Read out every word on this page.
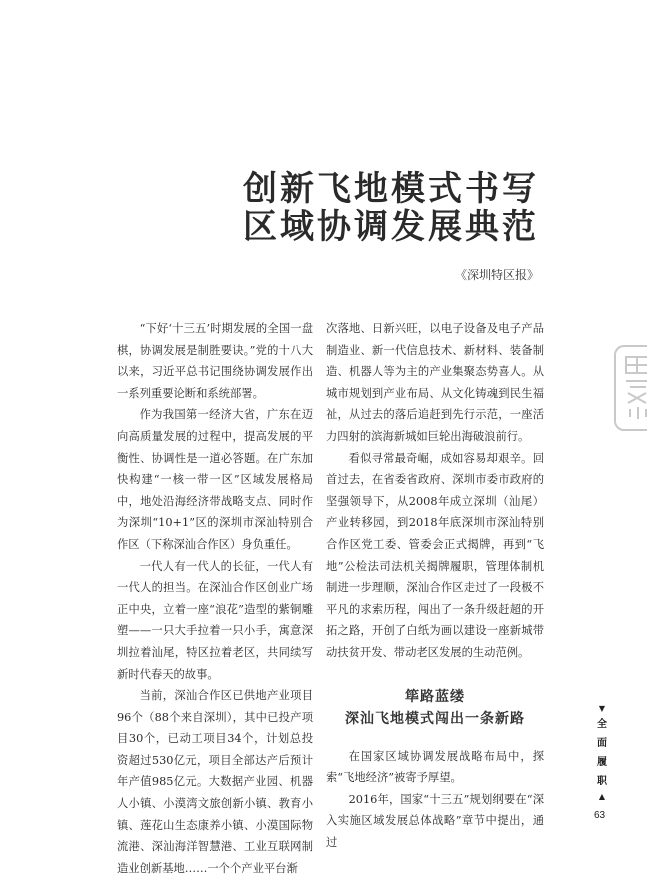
创新飞地模式书写
区域协调发展典范
《深圳特区报》

“下好‘十三五’时期发展的全国一盘棋，协调发展是制胜要诀。”党的十八大以来，习近平总书记围绕协调发展作出一系列重要论断和系统部署。

作为我国第一经济大省，广东在迈向高质量发展的过程中，提高发展的平衡性、协调性是一道必答题。在广东加快构建“一核一带一区”区域发展格局中，地处沿海经济带战略支点、同时作为深圳“10+1”区的深圳市深汕特别合作区（下称深汕合作区）身负重任。

一代人有一代人的长征，一代人有一代人的担当。在深汕合作区创业广场正中央，立着一座“浪花”造型的紫铜雕塑——一只大手拉着一只小手，寓意深圳拉着汕尾，特区拉着老区，共同续写新时代春天的故事。

当前，深汕合作区已供地产业项目96个（88个来自深圳），其中已投产项目30个，已动工项目34个，计划总投资超过530亿元，项目全部达产后预计年产值985亿元。大数据产业园、机器人小镇、小漠湾文旅创新小镇、教育小镇、莲花山生态康养小镇、小漠国际物流港、深汕海洋智慧港、工业互联网制造业创新基地……一个个产业平台渐

次落地、日新兴旺，以电子设备及电子产品制造业、新一代信息技术、新材料、装备制造、机器人等为主的产业集聚态势喜人。从城市规划到产业布局、从文化铸魂到民生福祉，从过去的落后追赶到先行示范，一座活力四射的滨海新城如巨轮出海破浪前行。

看似寻常最奇崛，成如容易却艰辛。回首过去，在省委省政府、深圳市委市政府的坚强领导下，从2008年成立深圳（汕尾）产业转移园，到2018年底深圳市深汕特别合作区党工委、管委会正式揭牌，再到“飞地”公检法司法机关揭牌履职，管理体制机制进一步理顺，深汕合作区走过了一段极不平凡的求索历程，闯出了一条升级赶超的开拓之路，开创了白纸为画以建设一座新城带动扶贫开发、带动老区发展的生动范例。

筚路蓝缕
深汕飞地模式闯出一条新路

在国家区域协调发展战略布局中，探索“飞地经济”被寄予厚望。

2016年，国家“十三五”规划纲要在“深入实施区域发展总体战略”章节中提出，通过

▼
全
面
履
职
▲
63
